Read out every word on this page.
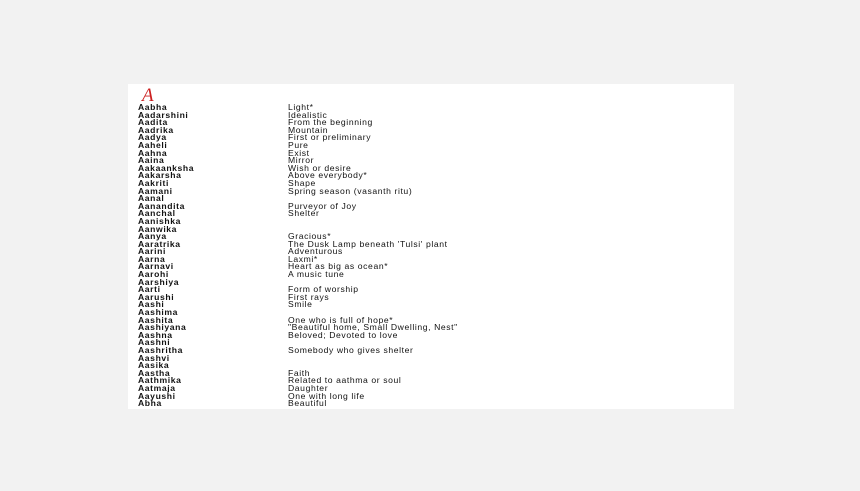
A
Aabha	Light*
Aadarshini	Idealistic
Aadita	From the beginning
Aadrika	Mountain
Aadya	First or preliminary
Aaheli	Pure
Aahna	Exist
Aaina	Mirror
Aakaanksha	Wish or desire
Aakarsha	Above everybody*
Aakriti	Shape
Aamani	Spring season (vasanth ritu)
Aanal
Aanandita	Purveyor of Joy
Aanchal	Shelter
Aanishka
Aanwika
Aanya	Gracious*
Aaratrika	The Dusk Lamp beneath 'Tulsi' plant
Aarini	Adventurous
Aarna	Laxmi*
Aarnavi	Heart as big as ocean*
Aarohi	A music tune
Aarshiya
Aarti	Form of worship
Aarushi	First rays
Aashi	Smile
Aashima
Aashita	One who is full of hope*
Aashiyana	"Beautiful home, Small Dwelling, Nest"
Aashna	Beloved; Devoted to love
Aashni
Aashritha	Somebody who gives shelter
Aashvi
Aasika
Aastha	Faith
Aathmika	Related to aathma or soul
Aatmaja	Daughter
Aayushi	One with long life
Abha	Beautiful
